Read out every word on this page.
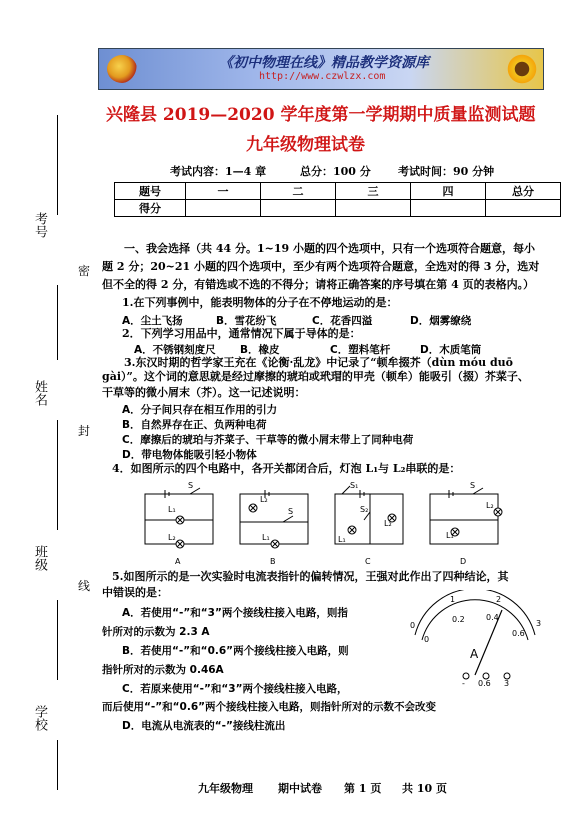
考号
姓名
班级
学校
密
封
线
《初中物理在线》精品教学资源库
http://www.czwlzx.com
兴隆县 2019—2020 学年度第一学期期中质量监测试题
九年级物理试卷
考试内容：1—4 章	总分：100 分 考试时间：90 分钟
题号	一	二	三	四	总分
得分					
一、我会选择（共 44 分。1~19 小题的四个选项中，只有一个选项符合题意，每小
题 2 分；20~21 小题的四个选项中，至少有两个选项符合题意，全选对的得 3 分，选对
但不全的得 2 分，有错选或不选的不得分；请将正确答案的序号填在第 4 页的表格内。）
1.在下列事例中，能表明物体的分子在不停地运动的是：
A．尘土飞扬	B．雪花纷飞	C．花香四溢	D．烟雾缭绕
2．下列学习用品中，通常情况下属于导体的是：
A．不锈钢刻度尺 B．橡皮	C．塑料笔杆	D．木质笔筒
3.东汉时期的哲学家王充在《论衡·乱龙》中记录了“顿牟掇芥（dùn móu duō gài）”。这个词的意思就是经过摩擦的琥珀或玳瑁的甲壳（顿牟）能吸引（掇）芥菜子、
干草等的微小屑末（芥）。这一记述说明：
A．分子间只存在相互作用的引力
B．自然界存在正、负两种电荷
C．摩擦后的琥珀与芥菜子、干草等的微小屑末带上了同种电荷
D．带电物体能吸引轻小物体
4．如图所示的四个电路中，各开关都闭合后，灯泡 L₁与 L₂串联的是：
S
L₁
L₂
L₂
S
L₁
S₁
S₂
L₂
L₁
S
L₂
L₁
A	B	C	D
5.如图所示的是一次实验时电流表指针的偏转情况，王强对此作出了四种结论，其
中错误的是：
A．若使用“-”和“3”两个接线柱接入电路，则指
针所对的示数为 2.3 A
B．若使用“-”和“0.6”两个接线柱接入电路，则
指针所对的示数为 0.46A
C．若原来使用“-”和“3”两个接线柱接入电路，
而后使用“-”和“0.6”两个接线柱接入电路，则指针所对的示数不会改变
D．电流从电流表的“-”接线柱流出
0
1	2
3
0
0.2	0.4
0.6
A
- 0.6 3
九年级物理 期中试卷 第 1 页 共 10 页
